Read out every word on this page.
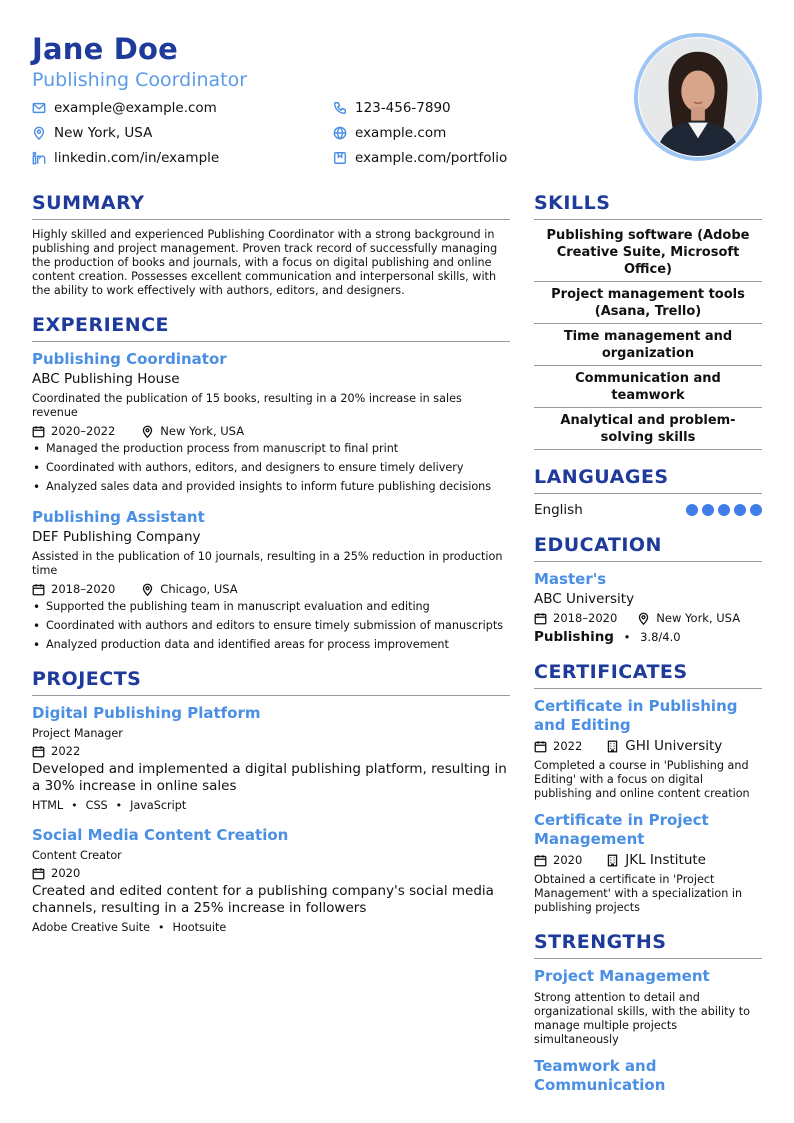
Jane Doe
Publishing Coordinator
example@example.com	123-456-7890
New York, USA	example.com
linkedin.com/in/example	example.com/portfolio
SUMMARY
Highly skilled and experienced Publishing Coordinator with a strong background in publishing and project management. Proven track record of successfully managing the production of books and journals, with a focus on digital publishing and online content creation. Possesses excellent communication and interpersonal skills, with the ability to work effectively with authors, editors, and designers.
EXPERIENCE
Publishing Coordinator
ABC Publishing House
Coordinated the publication of 15 books, resulting in a 20% increase in sales revenue
2020–2022	New York, USA
• Managed the production process from manuscript to final print
• Coordinated with authors, editors, and designers to ensure timely delivery
• Analyzed sales data and provided insights to inform future publishing decisions
Publishing Assistant
DEF Publishing Company
Assisted in the publication of 10 journals, resulting in a 25% reduction in production time
2018–2020	Chicago, USA
• Supported the publishing team in manuscript evaluation and editing
• Coordinated with authors and editors to ensure timely submission of manuscripts
• Analyzed production data and identified areas for process improvement
PROJECTS
Digital Publishing Platform
Project Manager
2022
Developed and implemented a digital publishing platform, resulting in a 30% increase in online sales
HTML • CSS • JavaScript
Social Media Content Creation
Content Creator
2020
Created and edited content for a publishing company's social media channels, resulting in a 25% increase in followers
Adobe Creative Suite • Hootsuite
SKILLS
Publishing software (Adobe Creative Suite, Microsoft Office)
Project management tools (Asana, Trello)
Time management and organization
Communication and teamwork
Analytical and problem-solving skills
LANGUAGES
English
EDUCATION
Master's
ABC University
2018–2020	New York, USA
Publishing • 3.8/4.0
CERTIFICATES
Certificate in Publishing and Editing
2022	GHI University
Completed a course in 'Publishing and Editing' with a focus on digital publishing and online content creation
Certificate in Project Management
2020	JKL Institute
Obtained a certificate in 'Project Management' with a specialization in publishing projects
STRENGTHS
Project Management
Strong attention to detail and organizational skills, with the ability to manage multiple projects simultaneously
Teamwork and Communication
